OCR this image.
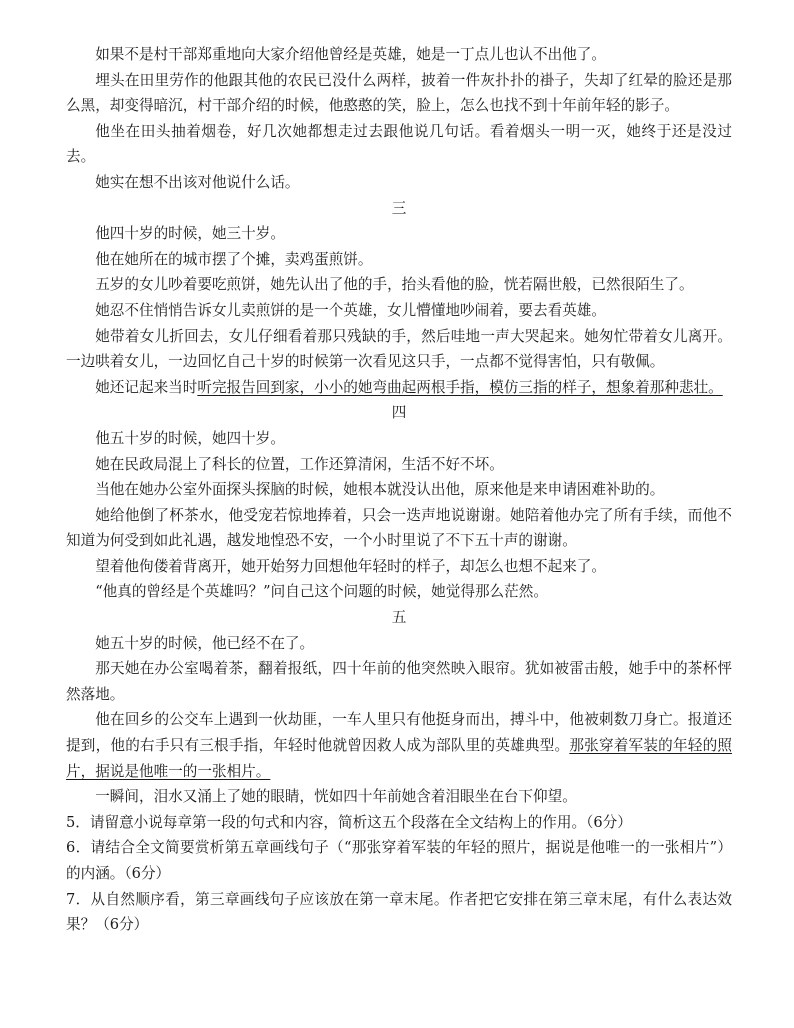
如果不是村干部郑重地向大家介绍他曾经是英雄，她是一丁点儿也认不出他了。

埋头在田里劳作的他跟其他的农民已没什么两样，披着一件灰扑扑的褂子，失却了红晕的脸还是那么黑，却变得暗沉，村干部介绍的时候，他憨憨的笑，脸上，怎么也找不到十年前年轻的影子。

他坐在田头抽着烟卷，好几次她都想走过去跟他说几句话。看着烟头一明一灭，她终于还是没过去。

她实在想不出该对他说什么话。

三

他四十岁的时候，她三十岁。

他在她所在的城市摆了个摊，卖鸡蛋煎饼。

五岁的女儿吵着要吃煎饼，她先认出了他的手，抬头看他的脸，恍若隔世般，已然很陌生了。

她忍不住悄悄告诉女儿卖煎饼的是一个英雄，女儿懵懂地吵闹着，要去看英雄。

她带着女儿折回去，女儿仔细看着那只残缺的手，然后哇地一声大哭起来。她匆忙带着女儿离开。一边哄着女儿，一边回忆自己十岁的时候第一次看见这只手，一点都不觉得害怕，只有敬佩。

她还记起来当时听完报告回到家，小小的她弯曲起两根手指，模仿三指的样子，想象着那种悲壮。

四

他五十岁的时候，她四十岁。

她在民政局混上了科长的位置，工作还算清闲，生活不好不坏。

当他在她办公室外面探头探脑的时候，她根本就没认出他，原来他是来申请困难补助的。

她给他倒了杯茶水，他受宠若惊地捧着，只会一迭声地说谢谢。她陪着他办完了所有手续，而他不知道为何受到如此礼遇，越发地惶恐不安，一个小时里说了不下五十声的谢谢。

望着他佝偻着背离开，她开始努力回想他年轻时的样子，却怎么也想不起来了。

“他真的曾经是个英雄吗？”问自己这个问题的时候，她觉得那么茫然。

五

她五十岁的时候，他已经不在了。

那天她在办公室喝着茶，翻着报纸，四十年前的他突然映入眼帘。犹如被雷击般，她手中的茶杯怦然落地。

他在回乡的公交车上遇到一伙劫匪，一车人里只有他挺身而出，搏斗中，他被刺数刀身亡。报道还提到，他的右手只有三根手指，年轻时他就曾因救人成为部队里的英雄典型。那张穿着军装的年轻的照片，据说是他唯一的一张相片。

一瞬间，泪水又涌上了她的眼睛，恍如四十年前她含着泪眼坐在台下仰望。

5．请留意小说每章第一段的句式和内容，简析这五个段落在全文结构上的作用。（6分）

6．请结合全文简要赏析第五章画线句子（“那张穿着军装的年轻的照片，据说是他唯一的一张相片”）的内涵。（6分）

7．从自然顺序看，第三章画线句子应该放在第一章末尾。作者把它安排在第三章末尾，有什么表达效果？（6分）
